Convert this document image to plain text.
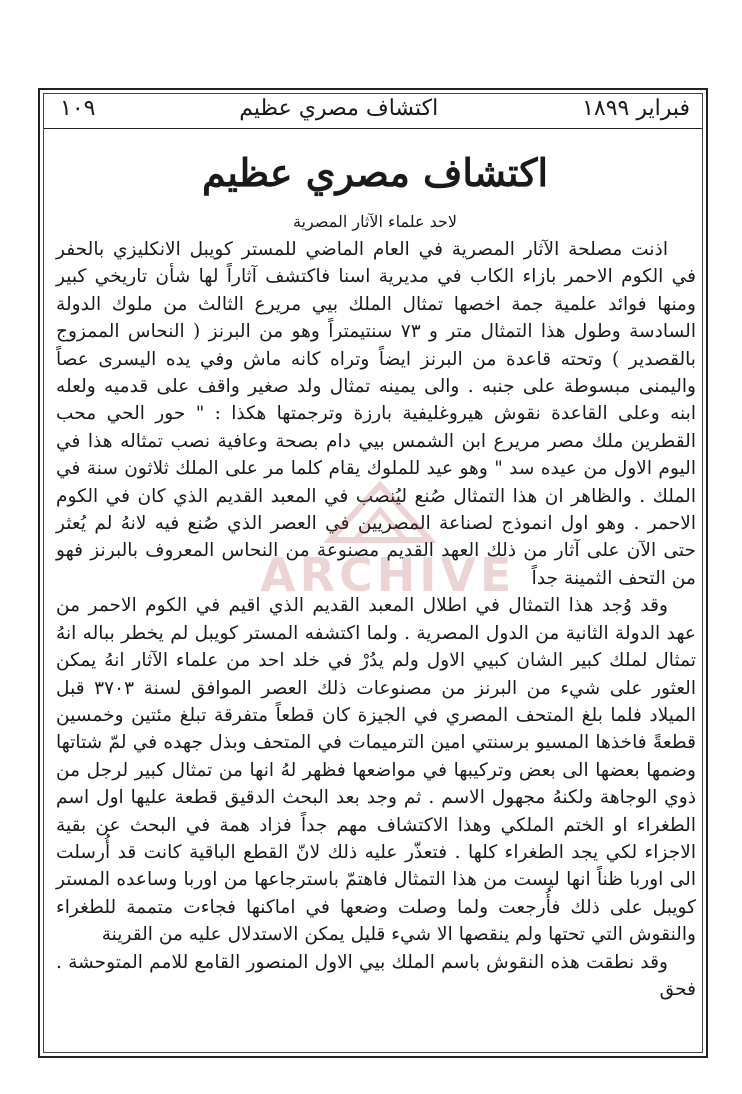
فبراير ١٨٩٩
اكتشاف مصري عظيم
١٠٩
اكتشاف مصري عظيم
لاحد علماء الآثار المصرية

اذنت مصلحة الآثار المصرية في العام الماضي للمستر كويبل الانكليزي بالحفر في الكوم الاحمر بازاء الكاب في مديرية اسنا فاكتشف آثاراً لها شأن تاريخي كبير ومنها فوائد علمية جمة اخصها تمثال الملك بيي مريرع الثالث من ملوك الدولة السادسة وطول هذا التمثال متر و ٧٣ سنتيمتراً وهو من البرنز ( النحاس الممزوج بالقصدير ) وتحته قاعدة من البرنز ايضاً وتراه كانه ماش وفي يده اليسرى عصاً واليمنى مبسوطة على جنبه . والى يمينه تمثال ولد صغير واقف على قدميه ولعله ابنه وعلى القاعدة نقوش هيروغليفية بارزة وترجمتها هكذا : " حور الحي محب القطرين ملك مصر مريرع ابن الشمس بيي دام بصحة وعافية نصب تمثاله هذا في اليوم الاول من عيده سد " وهو عيد للملوك يقام كلما مر على الملك ثلاثون سنة في الملك . والظاهر ان هذا التمثال صُنع ليُنصب في المعبد القديم الذي كان في الكوم الاحمر . وهو اول انموذج لصناعة المصريين في العصر الذي صُنع فيه لانهُ لم يُعثر حتى الآن على آثار من ذلك العهد القديم مصنوعة من النحاس المعروف بالبرنز فهو من التحف الثمينة جداً

وقد وُجد هذا التمثال في اطلال المعبد القديم الذي اقيم في الكوم الاحمر من عهد الدولة الثانية من الدول المصرية . ولما اكتشفه المستر كويبل لم يخطر بباله انهُ تمثال لملك كبير الشان كبيي الاول ولم يدُرْ في خلد احد من علماء الآثار انهُ يمكن العثور على شيء من البرنز من مصنوعات ذلك العصر الموافق لسنة ٣٧٠٣ قبل الميلاد فلما بلغ المتحف المصري في الجيزة كان قطعاً متفرقة تبلغ مئتين وخمسين قطعةً فاخذها المسيو برسنتي امين الترميمات في المتحف وبذل جهده في لمّ شتاتها وضمها بعضها الى بعض وتركيبها في مواضعها فظهر لهُ انها من تمثال كبير لرجل من ذوي الوجاهة ولكنهُ مجهول الاسم . ثم وجد بعد البحث الدقيق قطعة عليها اول اسم الطغراء او الختم الملكي وهذا الاكتشاف مهم جداً فزاد همة في البحث عن بقية الاجزاء لكي يجد الطغراء كلها . فتعذّر عليه ذلك لانّ القطع الباقية كانت قد أُرسلت الى اوربا ظناً انها ليست من هذا التمثال فاهتمّ باسترجاعها من اوربا وساعده المستر كويبل على ذلك فأُرجعت ولما وصلت وضعها في اماكنها فجاءت متممة للطغراء والنقوش التي تحتها ولم ينقصها الا شيء قليل يمكن الاستدلال عليه من القرينة

وقد نطقت هذه النقوش باسم الملك بيي الاول المنصور القامع للامم المتوحشة . فحق

ARCHIVE
